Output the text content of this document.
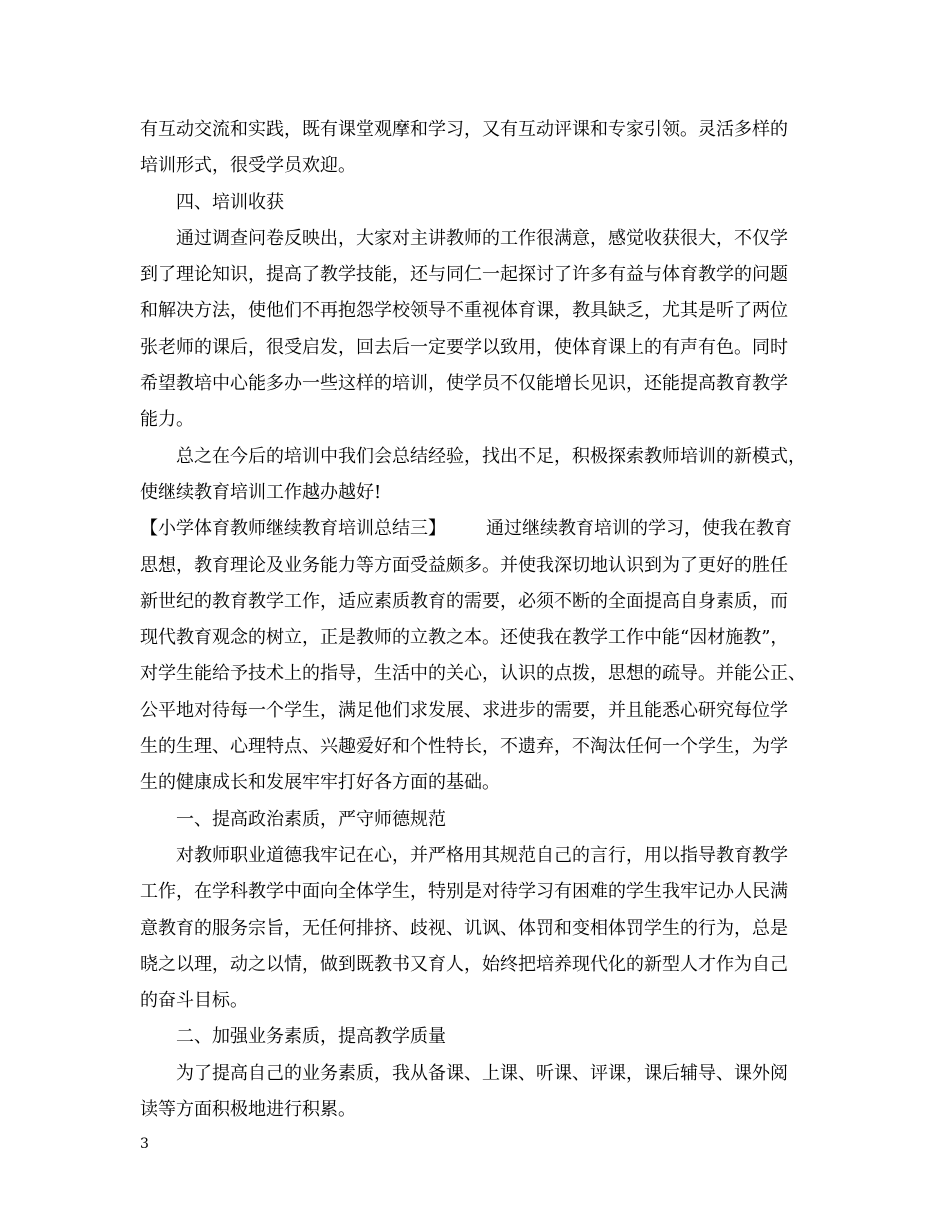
有互动交流和实践，既有课堂观摩和学习，又有互动评课和专家引领。灵活多样的
培训形式，很受学员欢迎。
四、培训收获
通过调查问卷反映出，大家对主讲教师的工作很满意，感觉收获很大，不仅学
到了理论知识，提高了教学技能，还与同仁一起探讨了许多有益与体育教学的问题
和解决方法，使他们不再抱怨学校领导不重视体育课，教具缺乏，尤其是听了两位
张老师的课后，很受启发，回去后一定要学以致用，使体育课上的有声有色。同时
希望教培中心能多办一些这样的培训，使学员不仅能增长见识，还能提高教育教学
能力。
总之在今后的培训中我们会总结经验，找出不足，积极探索教师培训的新模式，
使继续教育培训工作越办越好!
【小学体育教师继续教育培训总结三】 通过继续教育培训的学习，使我在教育
思想，教育理论及业务能力等方面受益颇多。并使我深切地认识到为了更好的胜任
新世纪的教育教学工作，适应素质教育的需要，必须不断的全面提高自身素质，而
现代教育观念的树立，正是教师的立教之本。还使我在教学工作中能“因材施教”，
对学生能给予技术上的指导，生活中的关心，认识的点拨，思想的疏导。并能公正、
公平地对待每一个学生，满足他们求发展、求进步的需要，并且能悉心研究每位学
生的生理、心理特点、兴趣爱好和个性特长，不遗弃，不淘汰任何一个学生，为学
生的健康成长和发展牢牢打好各方面的基础。
一、提高政治素质，严守师德规范
对教师职业道德我牢记在心，并严格用其规范自己的言行，用以指导教育教学
工作，在学科教学中面向全体学生，特别是对待学习有困难的学生我牢记办人民满
意教育的服务宗旨，无任何排挤、歧视、讥讽、体罚和变相体罚学生的行为，总是
晓之以理，动之以情，做到既教书又育人，始终把培养现代化的新型人才作为自己
的奋斗目标。
二、加强业务素质，提高教学质量
为了提高自己的业务素质，我从备课、上课、听课、评课，课后辅导、课外阅
读等方面积极地进行积累。
3
